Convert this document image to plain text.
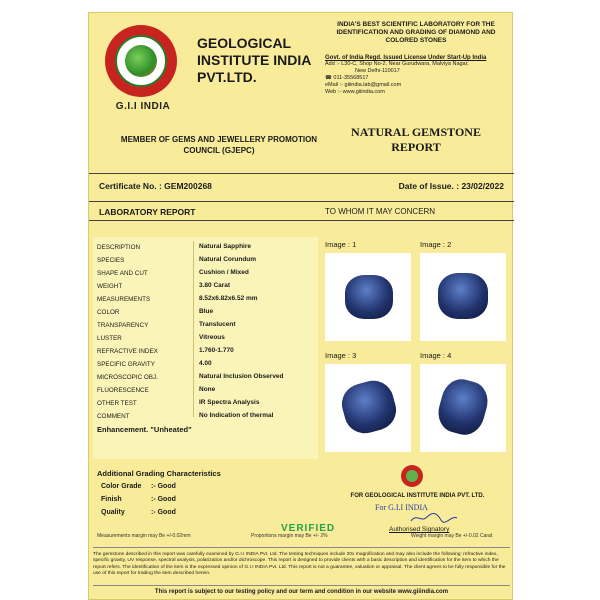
G.I.I INDIA
GEOLOGICAL INSTITUTE INDIA PVT.LTD.
MEMBER OF GEMS AND JEWELLERY PROMOTION COUNCIL (GJEPC)
INDIA'S BEST SCIENTIFIC LABORATORY FOR THE IDENTIFICATION AND GRADING OF DIAMOND AND COLORED STONES
Govt. of India Regd. Issued License Under Start-Up India
Add :- L30-C, Shop No-2, Near Gurudwara, Malviya Nagar,
New Delhi-110017
☎ 011-35568517
eMail :- giiindia.lab@gmail.com
Web :- www.giiindia.com
NATURAL GEMSTONE REPORT
Certificate No. : GEM200268	Date of Issue. : 23/02/2022
LABORATORY REPORT	TO WHOM IT MAY CONCERN
DESCRIPTION	Natural Sapphire
SPECIES	Natural Corundum
SHAPE AND CUT	Cushion / Mixed
WEIGHT	3.80 Carat
MEASUREMENTS	8.52x6.82x6.52 mm
COLOR	Blue
TRANSPARENCY	Translucent
LUSTER	Vitreous
REFRACTIVE INDEX	1.760-1.770
SPECIFIC GRAVITY	4.00
MICROSCOPIC OBJ.	Natural Inclusion Observed
FLUORESCENCE	None
OTHER TEST	IR Spectra Analysis
COMMENT	No Indication of thermal
Enhancement. "Unheated"
Image : 1	Image : 2
Image : 3	Image : 4
Additional Grading Characteristics
Color Grade :- Good
Finish	:- Good
Quality	:- Good
FOR GEOLOGICAL INSTITUTE INDIA PVT. LTD.
For G.I.I INDIA
Authorised Signatory
VERIFIED
Measurements margin may Be +/-0.02mm	Proportions margin may Be +/- 2%	Weight margin may Be +/-0.02 Carat
The gemstone described in this report was carefully examined by G.I.I INDIA Pvt. Ltd. The testing techniques include 20x magnification and may also include the following: refractive index, specific gravity, UV response, spectral analysis, polarization and/or dichroscope. This report is designed to provide clients with a basic description and identification for the item to which the report refers. The identification of the item is the expressed opinion of G.I.I INDIA Pvt. Ltd. This report is not a guarantee, valuation or appraisal. The client agrees to be fully responsible for the use of this report for trading the item described herein.
This report is subject to our testing policy and our term and condition in our website www.giiindia.com
